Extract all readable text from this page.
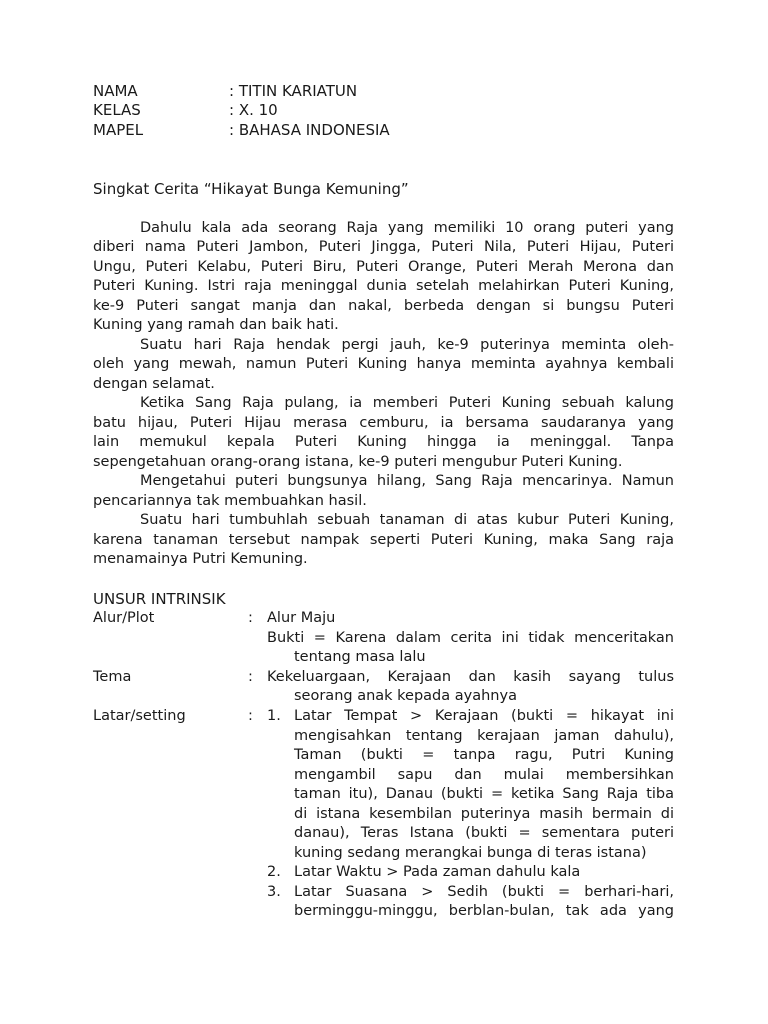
NAMA	: TITIN KARIATUN
KELAS	: X. 10
MAPEL	: BAHASA INDONESIA
Singkat Cerita “Hikayat Bunga Kemuning”
Dahulu kala ada seorang Raja yang memiliki 10 orang puteri yang
diberi nama Puteri Jambon, Puteri Jingga, Puteri Nila, Puteri Hijau, Puteri
Ungu, Puteri Kelabu, Puteri Biru, Puteri Orange, Puteri Merah Merona dan
Puteri Kuning. Istri raja meninggal dunia setelah melahirkan Puteri Kuning,
ke-9 Puteri sangat manja dan nakal, berbeda dengan si bungsu Puteri
Kuning yang ramah dan baik hati.
Suatu hari Raja hendak pergi jauh, ke-9 puterinya meminta oleh-
oleh yang mewah, namun Puteri Kuning hanya meminta ayahnya kembali
dengan selamat.
Ketika Sang Raja pulang, ia memberi Puteri Kuning sebuah kalung
batu hijau, Puteri Hijau merasa cemburu, ia bersama saudaranya yang
lain memukul kepala Puteri Kuning hingga ia meninggal. Tanpa
sepengetahuan orang-orang istana, ke-9 puteri mengubur Puteri Kuning.
Mengetahui puteri bungsunya hilang, Sang Raja mencarinya. Namun
pencariannya tak membuahkan hasil.
Suatu hari tumbuhlah sebuah tanaman di atas kubur Puteri Kuning,
karena tanaman tersebut nampak seperti Puteri Kuning, maka Sang raja
menamainya Putri Kemuning.
UNSUR INTRINSIK
Alur/Plot	: Alur Maju
Bukti = Karena dalam cerita ini tidak menceritakan
tentang masa lalu
Tema	: Kekeluargaan, Kerajaan dan kasih sayang tulus
seorang anak kepada ayahnya
Latar/setting	: 1. Latar Tempat > Kerajaan (bukti = hikayat ini
mengisahkan tentang kerajaan jaman dahulu),
Taman (bukti = tanpa ragu, Putri Kuning
mengambil sapu dan mulai membersihkan
taman itu), Danau (bukti = ketika Sang Raja tiba
di istana kesembilan puterinya masih bermain di
danau), Teras Istana (bukti = sementara puteri
kuning sedang merangkai bunga di teras istana)
2. Latar Waktu > Pada zaman dahulu kala
3. Latar Suasana > Sedih (bukti = berhari-hari,
berminggu-minggu, berblan-bulan, tak ada yang
